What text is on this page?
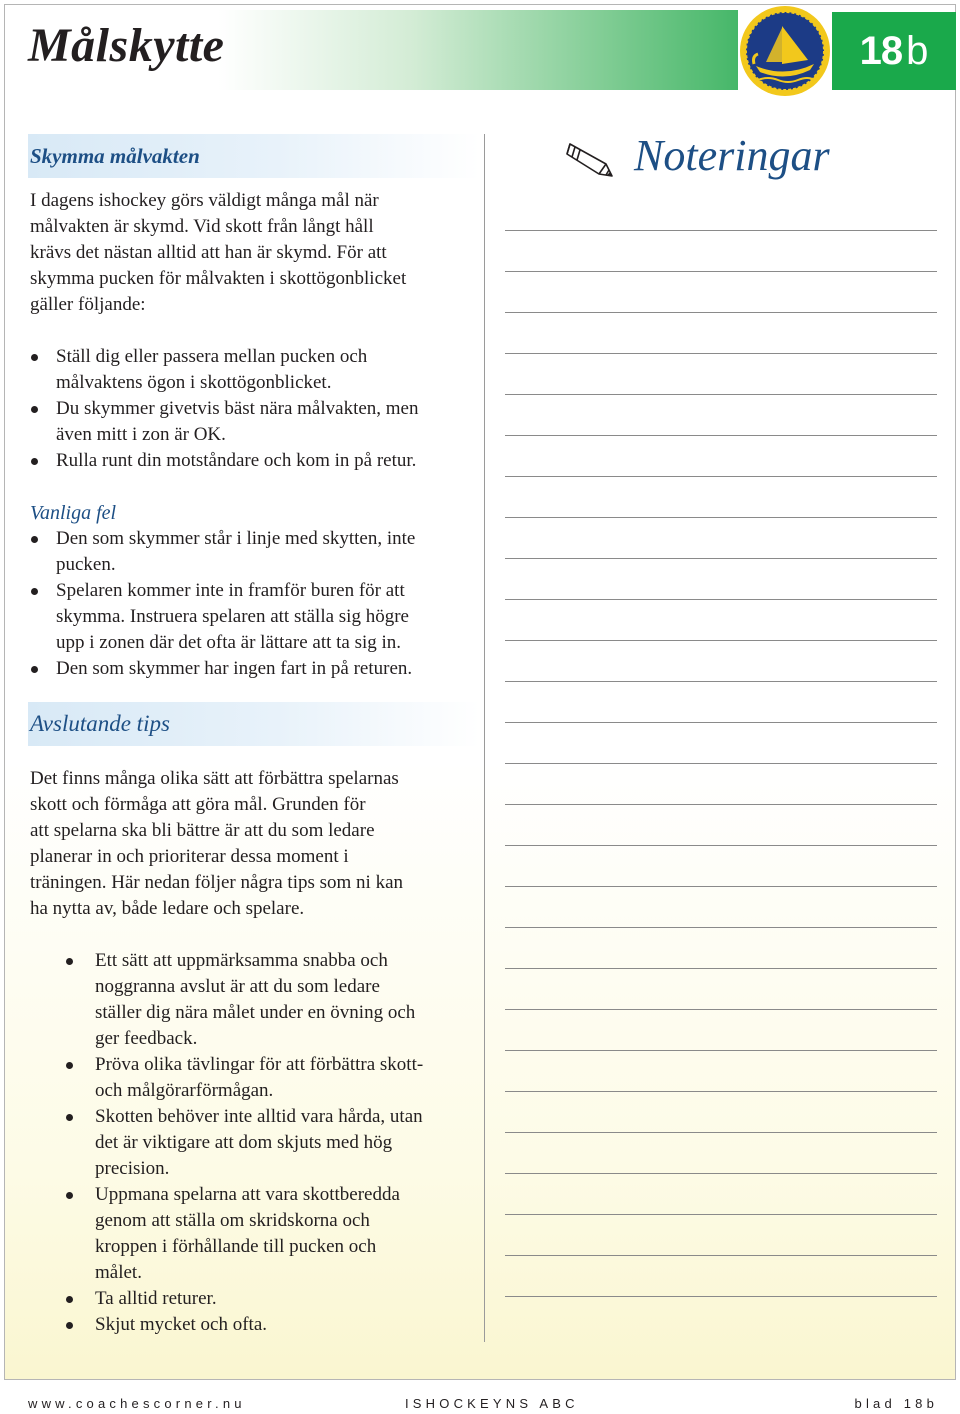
Målskytte	18 b
Skymma målvakten

I dagens ishockey görs väldigt många mål när

målvakten är skymd. Vid skott från långt håll

krävs det nästan alltid att han är skymd. För att

skymma pucken för målvakten i skottögonblicket

gäller följande:

Ställ dig eller passera mellan pucken och
målvaktens ögon i skottögonblicket.
Du skymmer givetvis bäst nära målvakten, men
även mitt i zon är OK.
Rulla runt din motståndare och kom in på retur.

Vanliga fel

Den som skymmer står i linje med skytten, inte
pucken.
Spelaren kommer inte in framför buren för att
skymma. Instruera spelaren att ställa sig högre
upp i zonen där det ofta är lättare att ta sig in.
Den som skymmer har ingen fart in på returen.
Avslutande tips

Det finns många olika sätt att förbättra spelarnas

skott och förmåga att göra mål. Grunden för

att spelarna ska bli bättre är att du som ledare

planerar in och prioriterar dessa moment i

träningen. Här nedan följer några tips som ni kan

ha nytta av, både ledare och spelare.

Ett sätt att uppmärksamma snabba och
noggranna avslut är att du som ledare
ställer dig nära målet under en övning och
ger feedback.
Pröva olika tävlingar för att förbättra skott-
och målgörarförmågan.
Skotten behöver inte alltid vara hårda, utan
det är viktigare att dom skjuts med hög
precision.
Uppmana spelarna att vara skottberedda
genom att ställa om skridskorna och
kroppen i förhållande till pucken och
målet.
Ta alltid returer.
Skjut mycket och ofta.
Noteringar
www.coachescorner.nu	ISHOCKEYNS ABC	blad 18b
